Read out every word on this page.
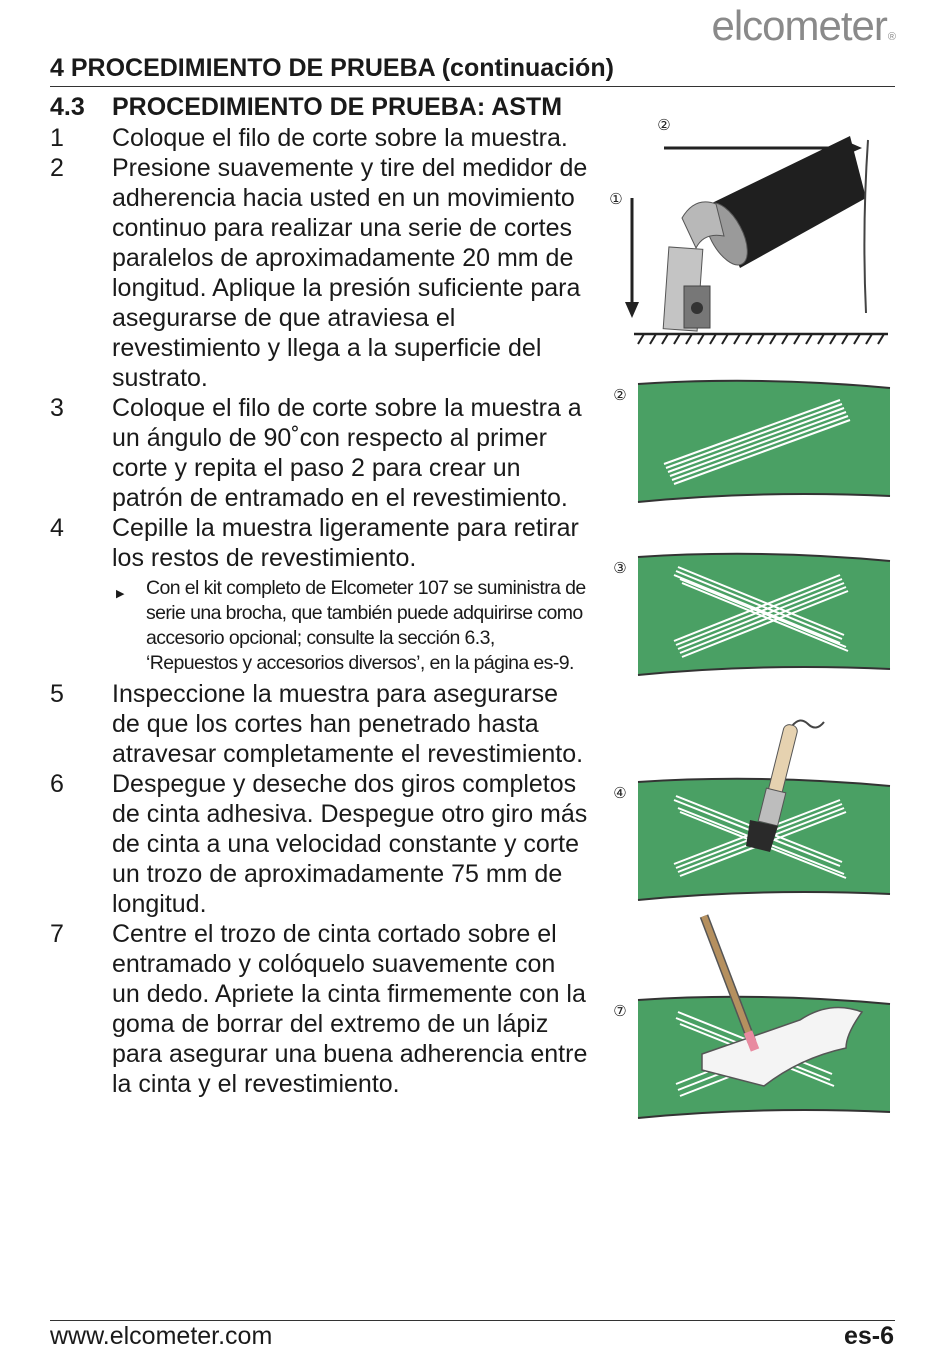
elcometer®
4 PROCEDIMIENTO DE PRUEBA (continuación)
4.3 PROCEDIMIENTO DE PRUEBA: ASTM
1	Coloque el filo de corte sobre la muestra.
2	Presione suavemente y tire del medidor de adherencia hacia usted en un movimiento continuo para realizar una serie de cortes paralelos de aproximadamente 20 mm de longitud. Aplique la presión suficiente para asegurarse de que atraviesa el revestimiento y llega a la superficie del sustrato.
3	Coloque el filo de corte sobre la muestra a un ángulo de 90˚con respecto al primer corte y repita el paso 2 para crear un patrón de entramado en el revestimiento.
4	Cepille la muestra ligeramente para retirar los restos de revestimiento.
▶ Con el kit completo de Elcometer 107 se suministra de serie una brocha, que también puede adquirirse como accesorio opcional; consulte la sección 6.3, ‘Repuestos y accesorios diversos’, en la página es-9.
5	Inspeccione la muestra para asegurarse de que los cortes han penetrado hasta atravesar completamente el revestimiento.
6	Despegue y deseche dos giros completos de cinta adhesiva. Despegue otro giro más de cinta a una velocidad constante y corte un trozo de aproximadamente 75 mm de longitud.
7	Centre el trozo de cinta cortado sobre el entramado y colóquelo suavemente con un dedo. Apriete la cinta firmemente con la goma de borrar del extremo de un lápiz para asegurar una buena adherencia entre la cinta y el revestimiento.
②
①
②
③
④
⑦
www.elcometer.com	es-6
